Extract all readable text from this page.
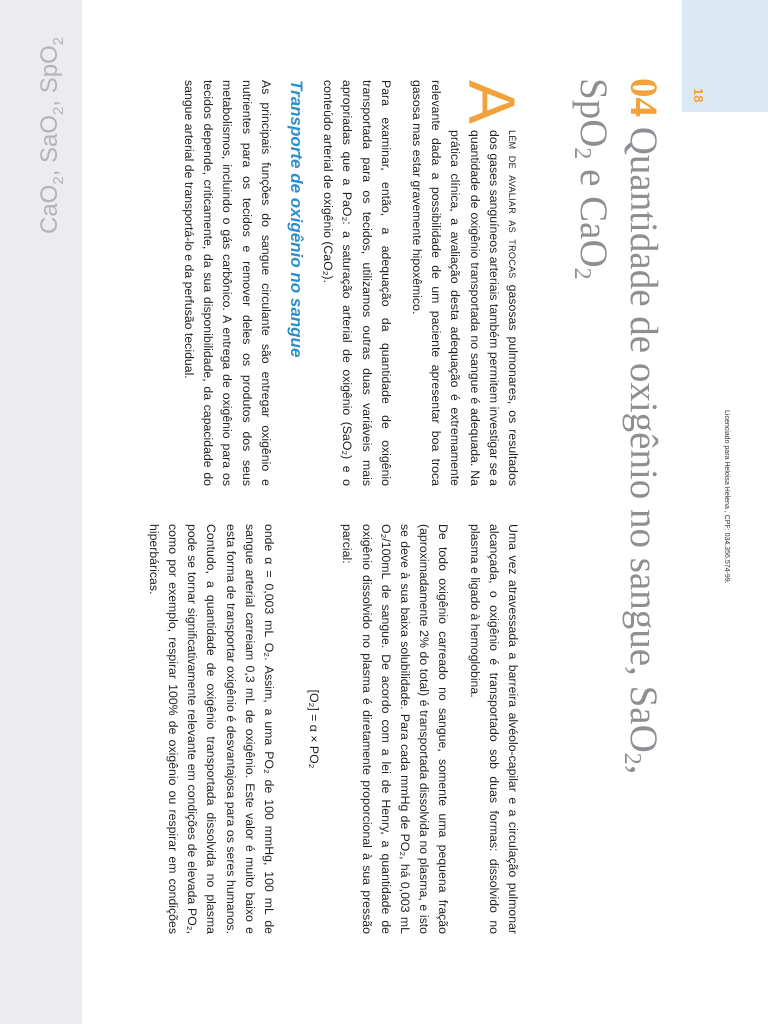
18
Licenciado para Heloisa Helena , CPF: 034.356.574-99.
04 Quantidade de oxigênio no sangue, SaO$_2$,
SpO$_2$ e CaO$_2$

A
lém de avaliar as trocas gasosas pulmonares, os resultados dos gases sanguíneos arteriais também permitem investigar se a quantidade de oxigênio transportada no sangue é adequada. Na prática clínica, a avaliação desta adequação é extremamente relevante dada a possibilidade de um paciente apresentar boa troca gasosa mas estar gravemente hipoxêmico.

Para examinar, então, a adequação da quantidade de oxigênio transportada para os tecidos, utilizamos outras duas variáveis mais apropriadas que a PaO₂: a saturação arterial de oxigênio (SaO₂) e o conteúdo arterial de oxigênio (CaO₂).

Transporte de oxigênio no sangue

As principais funções do sangue circulante são entregar oxigênio e nutrientes para os tecidos e remover deles os produtos dos seus metabolismos, incluindo o gás carbônico. A entrega de oxigênio para os tecidos depende, criticamente, da sua disponibilidade, da capacidade do sangue arterial de transportá-lo e da perfusão tecidual.

Uma vez atravessada a barreira alvéolo-capilar e a circulação pulmonar alcançada, o oxigênio é transportado sob duas formas: dissolvido no plasma e ligado à hemoglobina.

De todo oxigênio carreado no sangue, somente uma pequena fração (aproximadamente 2% do total) é transportada dissolvida no plasma, e isto se deve à sua baixa solubilidade. Para cada mmHg de PO₂, há 0,003 mL O₂/100mL de sangue. De acordo com a lei de Henry, a quantidade de oxigênio dissolvido no plasma é diretamente proporcional à sua pressão parcial:

[O₂] = α × PO₂

onde α = 0,003 mL O₂. Assim, a uma PO₂ de 100 mmHg, 100 mL de sangue arterial carreiam 0,3 mL de oxigênio. Este valor é muito baixo e esta forma de transportar oxigênio é desvantajosa para os seres humanos. Contudo, a quantidade de oxigênio transportada dissolvida no plasma pode se tornar significativamente relevante em condições de elevada PO₂, como por exemplo, respirar 100% de oxigênio ou respirar em condições hiperbáricas.

CaO$_2$, SaO$_2$, SpO$_2$
